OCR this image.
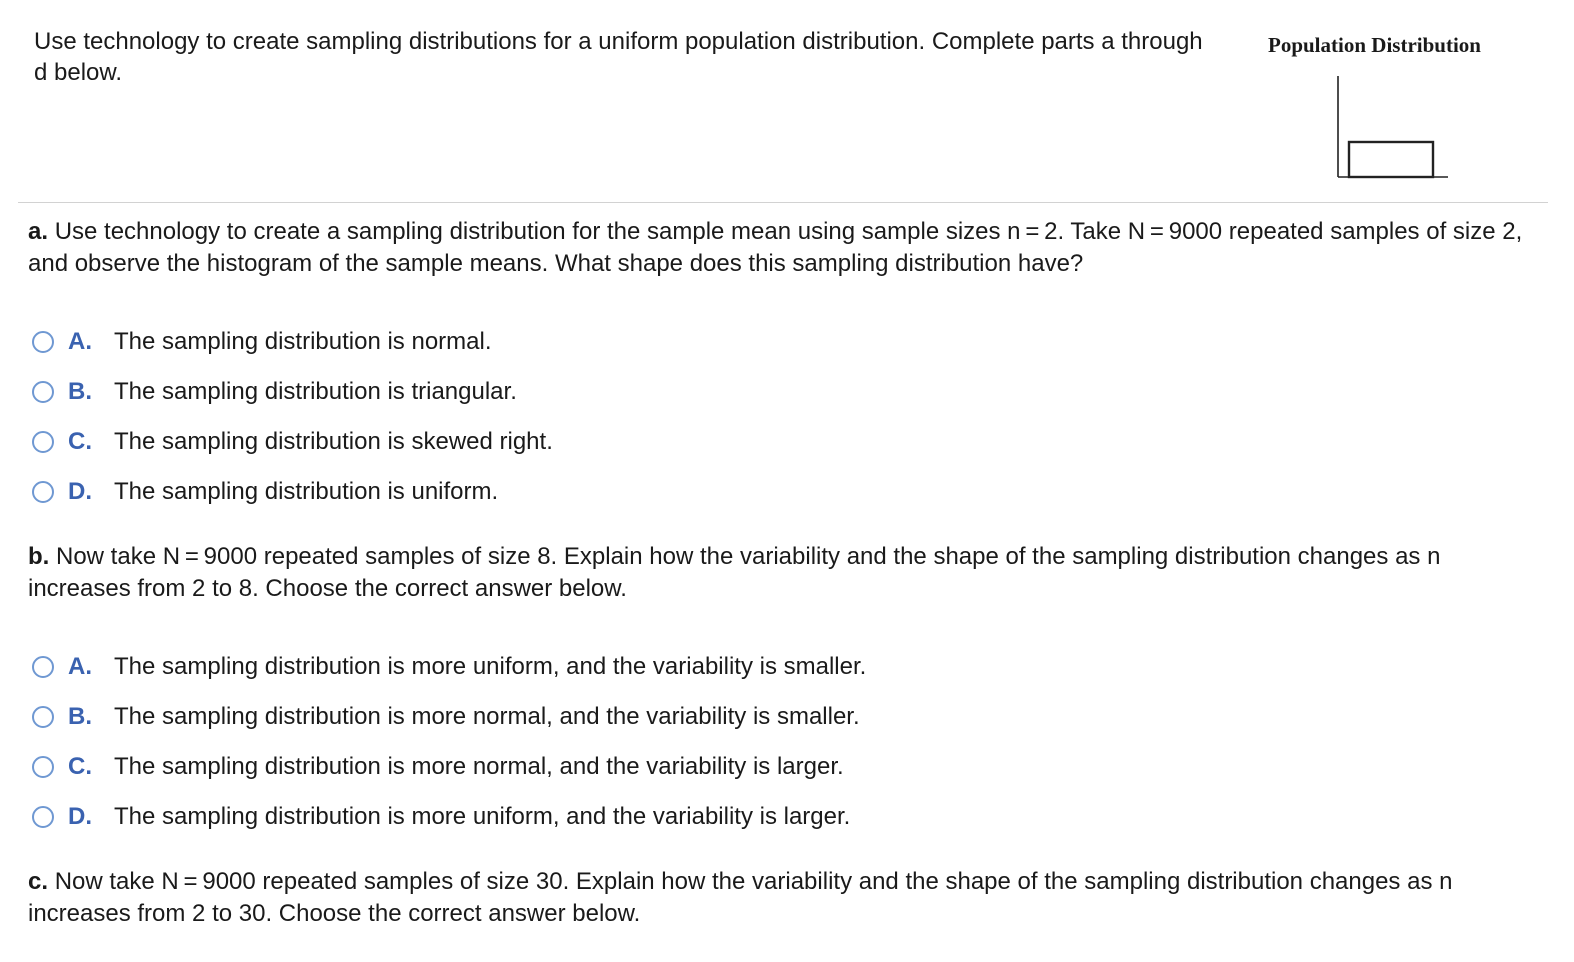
Use technology to create sampling distributions for a uniform population distribution. Complete parts a through d below.
Population Distribution
a. Use technology to create a sampling distribution for the sample mean using sample sizes n = 2. Take N = 9000 repeated samples of size 2, and observe the histogram of the sample means. What shape does this sampling distribution have?
A. The sampling distribution is normal.
B. The sampling distribution is triangular.
C. The sampling distribution is skewed right.
D. The sampling distribution is uniform.
b. Now take N = 9000 repeated samples of size 8. Explain how the variability and the shape of the sampling distribution changes as n increases from 2 to 8. Choose the correct answer below.
A. The sampling distribution is more uniform, and the variability is smaller.
B. The sampling distribution is more normal, and the variability is smaller.
C. The sampling distribution is more normal, and the variability is larger.
D. The sampling distribution is more uniform, and the variability is larger.
c. Now take N = 9000 repeated samples of size 30. Explain how the variability and the shape of the sampling distribution changes as n increases from 2 to 30. Choose the correct answer below.
